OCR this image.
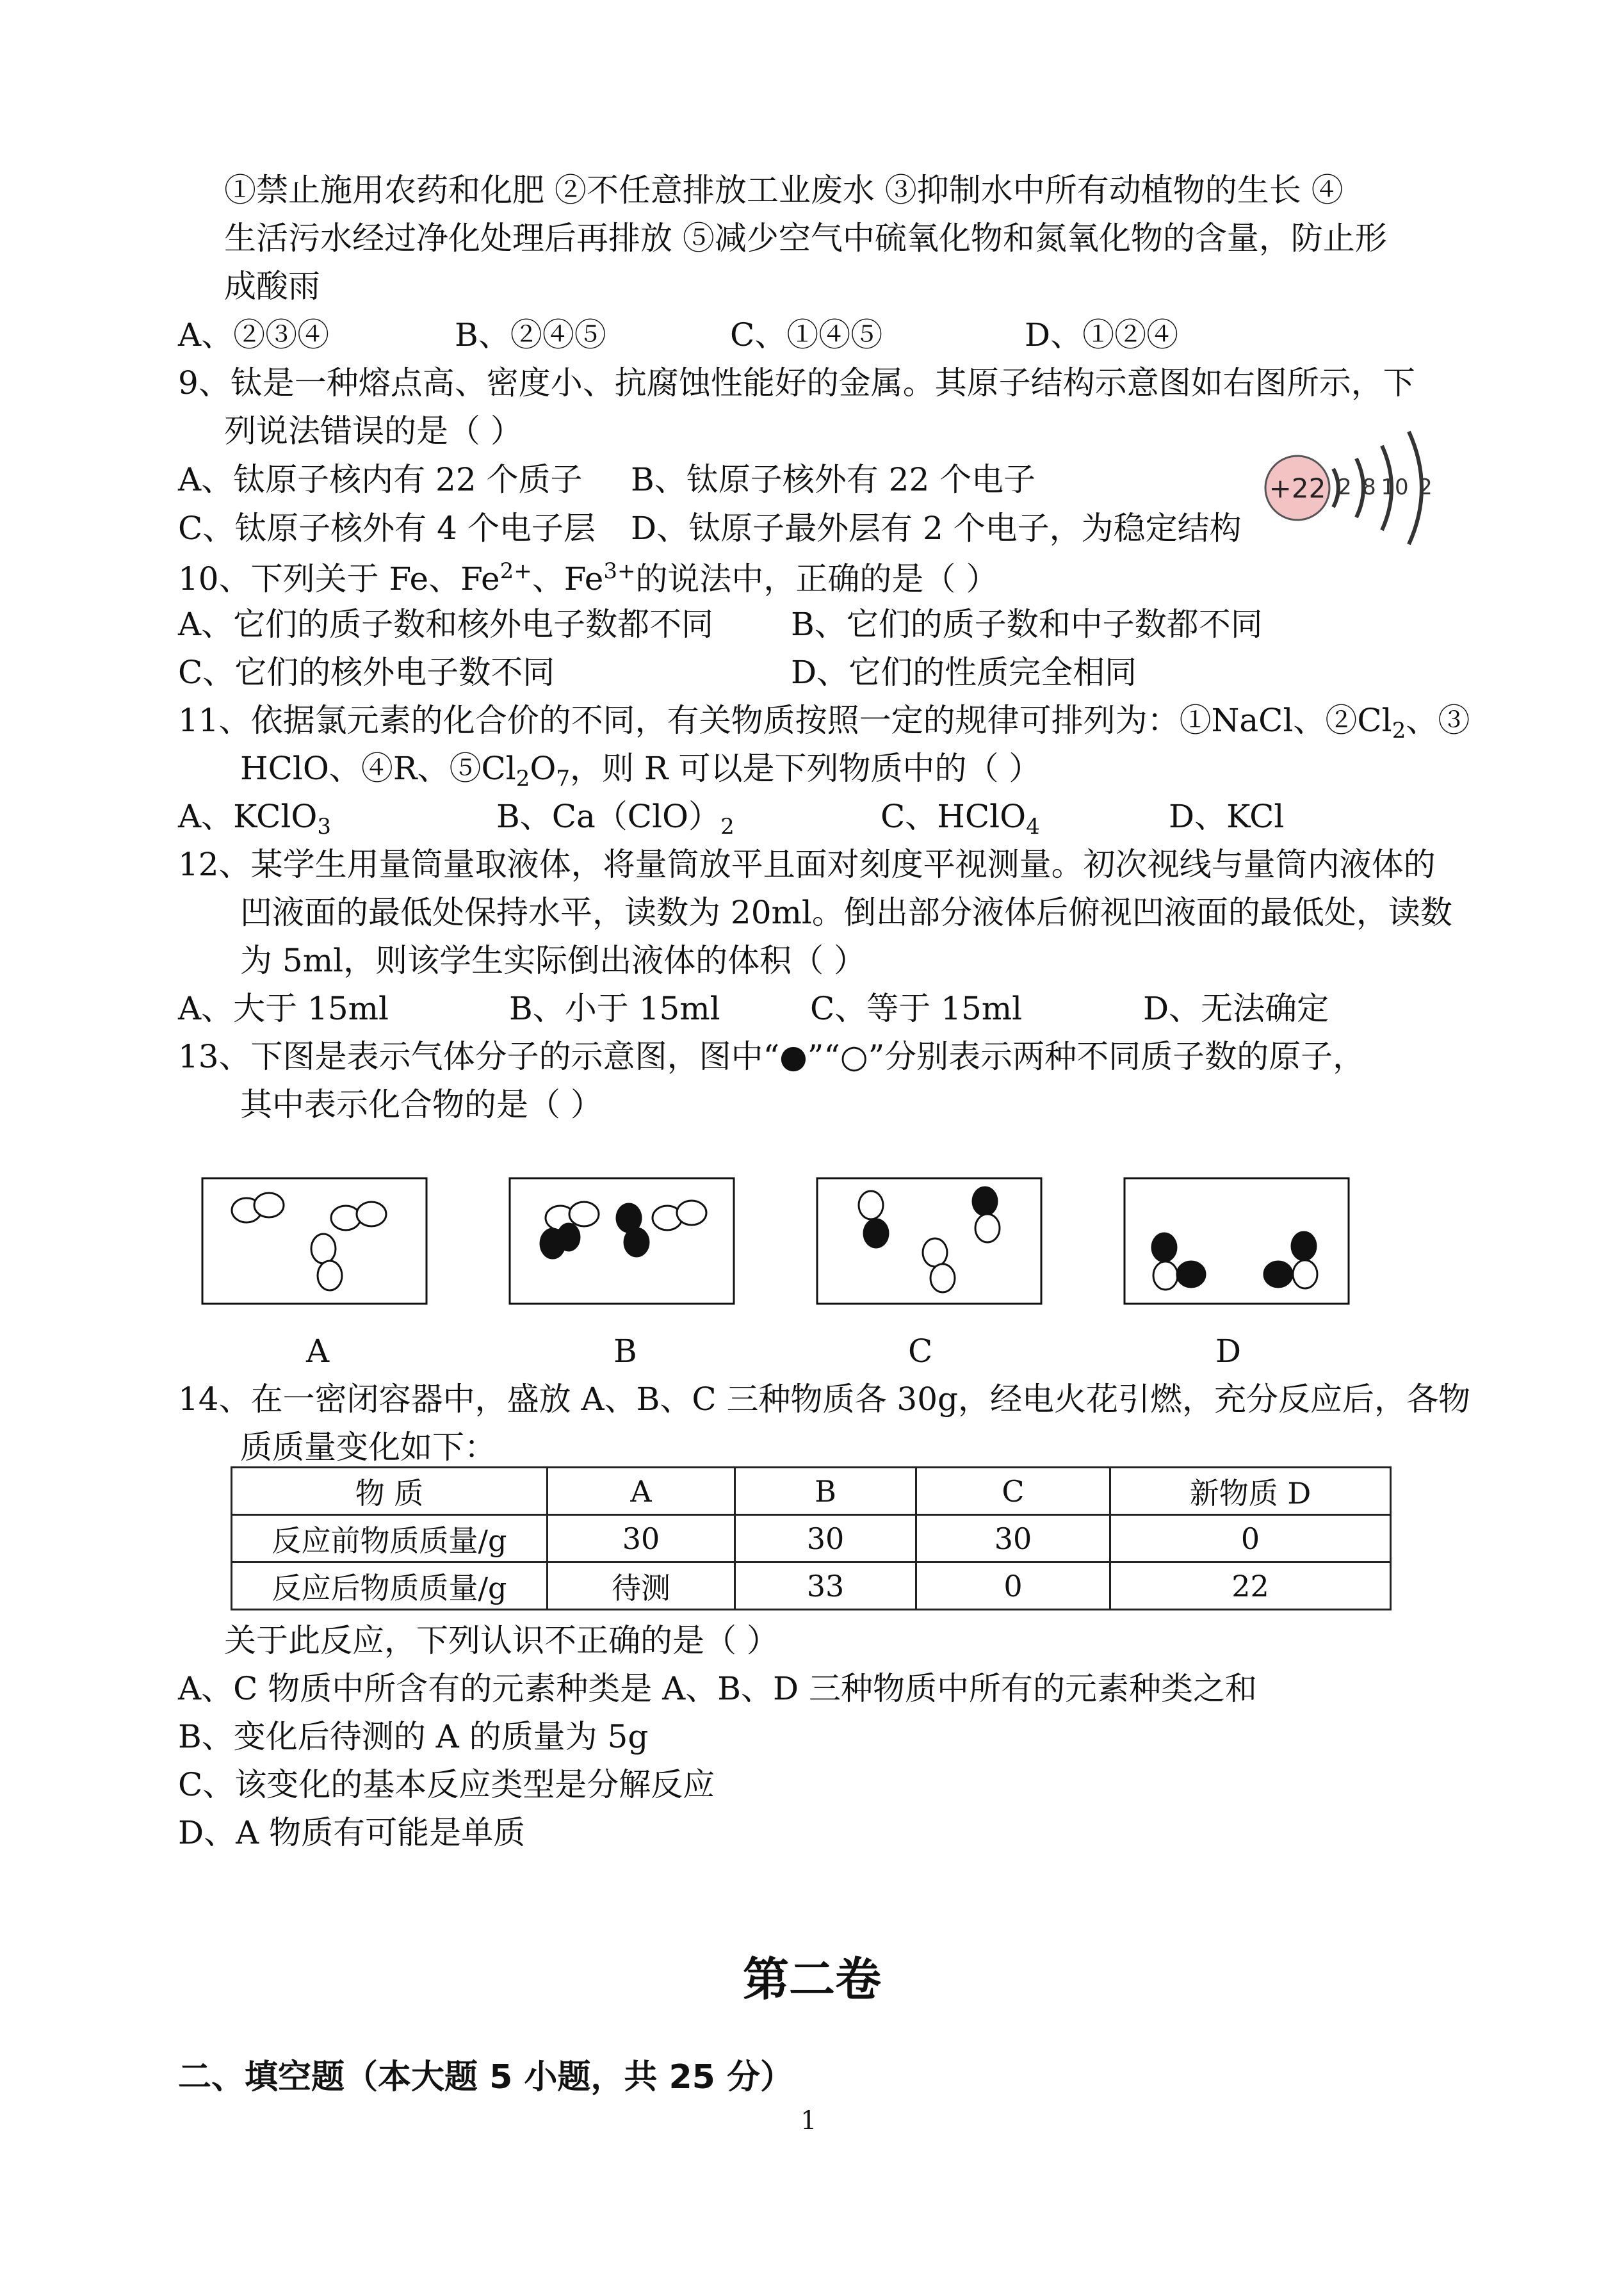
①禁止施用农药和化肥 ②不任意排放工业废水 ③抑制水中所有动植物的生长 ④
生活污水经过净化处理后再排放 ⑤减少空气中硫氧化物和氮氧化物的含量，防止形
成酸雨
A、②③④	B、②④⑤	C、①④⑤	D、①②④
9、钛是一种熔点高、密度小、抗腐蚀性能好的金属。其原子结构示意图如右图所示，下
列说法错误的是（ ）
A、钛原子核内有 22 个质子 B、钛原子核外有 22 个电子
C、钛原子核外有 4 个电子层 D、钛原子最外层有 2 个电子，为稳定结构
+22 2 8 10 2
10、下列关于 Fe、$Fe^{2+}$、$Fe^{3+}$的说法中，正确的是（ ）
A、它们的质子数和核外电子数都不同 B、它们的质子数和中子数都不同
C、它们的核外电子数不同	D、它们的性质完全相同
11、依据氯元素的化合价的不同，有关物质按照一定的规律可排列为：①NaCl、$②Cl_2$、③
HClO、④R、$⑤Cl_2O_7$，则 R 可以是下列物质中的（ ）
A、KClO$_3$	B、$Ca(ClO)_2$	C、HClO$_4$	D、KCl
12、某学生用量筒量取液体，将量筒放平且面对刻度平视测量。初次视线与量筒内液体的
凹液面的最低处保持水平，读数为 20ml。倒出部分液体后俯视凹液面的最低处，读数
为 5ml，则该学生实际倒出液体的体积（ ）
A、大于 15ml	B、小于 15ml	C、等于 15ml	D、无法确定
13、下图是表示气体分子的示意图，图中“●”“○”分别表示两种不同质子数的原子，
其中表示化合物的是（ ）
A	B	C	D
14、在一密闭容器中，盛放 A、B、C 三种物质各 30g，经电火花引燃，充分反应后，各物
质质量变化如下：
物 质	A	B	C	新物质 D
反应前物质质量/g	30	30	30	0
反应后物质质量/g	待测	33	0	22
关于此反应，下列认识不正确的是（ ）
A、C 物质中所含有的元素种类是 A、B、D 三种物质中所有的元素种类之和
B、变化后待测的 A 的质量为 5g
C、该变化的基本反应类型是分解反应
D、A 物质有可能是单质
第二卷
二、填空题（本大题 5 小题，共 25 分）
1
